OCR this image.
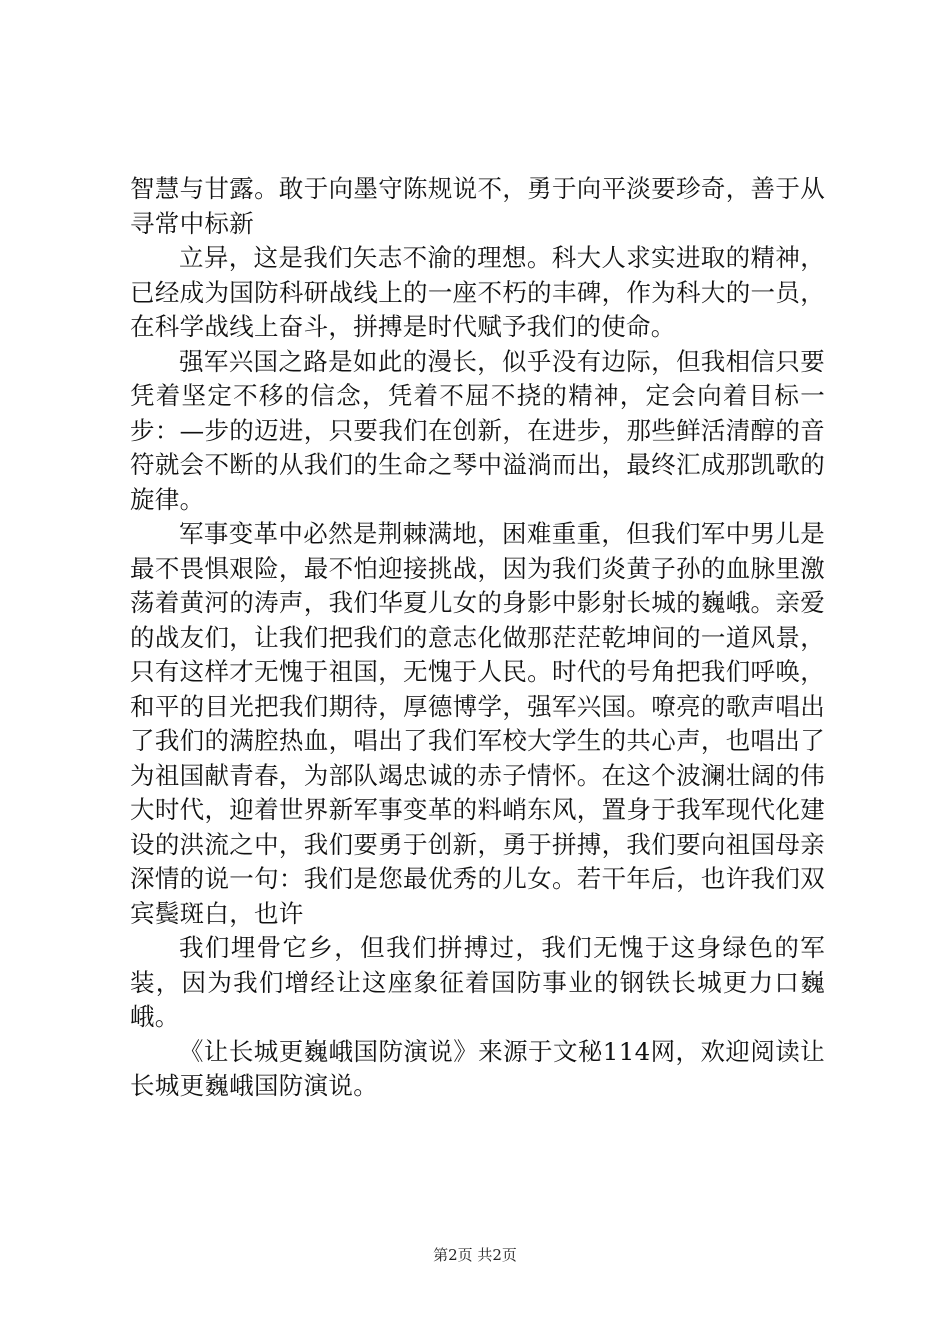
智慧与甘露。敢于向墨守陈规说不，勇于向平淡要珍奇，善于从寻常中标新

立异，这是我们矢志不渝的理想。科大人求实进取的精神，已经成为国防科研战线上的一座不朽的丰碑，作为科大的一员，在科学战线上奋斗，拼搏是时代赋予我们的使命。

强军兴国之路是如此的漫长，似乎没有边际，但我相信只要凭着坚定不移的信念，凭着不屈不挠的精神，定会向着目标一步：—步的迈进，只要我们在创新，在进步，那些鲜活清醇的音符就会不断的从我们的生命之琴中溢淌而出，最终汇成那凯歌的旋律。

军事变革中必然是荆棘满地，困难重重，但我们军中男儿是最不畏惧艰险，最不怕迎接挑战，因为我们炎黄子孙的血脉里激荡着黄河的涛声，我们华夏儿女的身影中影射长城的巍峨。亲爱的战友们，让我们把我们的意志化做那茫茫乾坤间的一道风景，只有这样才无愧于祖国，无愧于人民。时代的号角把我们呼唤，和平的目光把我们期待，厚德博学，强军兴国。嘹亮的歌声唱出了我们的满腔热血，唱出了我们军校大学生的共心声，也唱出了为祖国献青春，为部队竭忠诚的赤子情怀。在这个波澜壮阔的伟大时代，迎着世界新军事变革的料峭东风，置身于我军现代化建设的洪流之中，我们要勇于创新，勇于拼搏，我们要向祖国母亲深情的说一句：我们是您最优秀的儿女。若干年后，也许我们双宾鬓斑白，也许

我们埋骨它乡，但我们拼搏过，我们无愧于这身绿色的军装，因为我们增经让这座象征着国防事业的钢铁长城更力口巍峨。

《让长城更巍峨国防演说》来源于文秘114网，欢迎阅读让长城更巍峨国防演说。

第2页 共2页
